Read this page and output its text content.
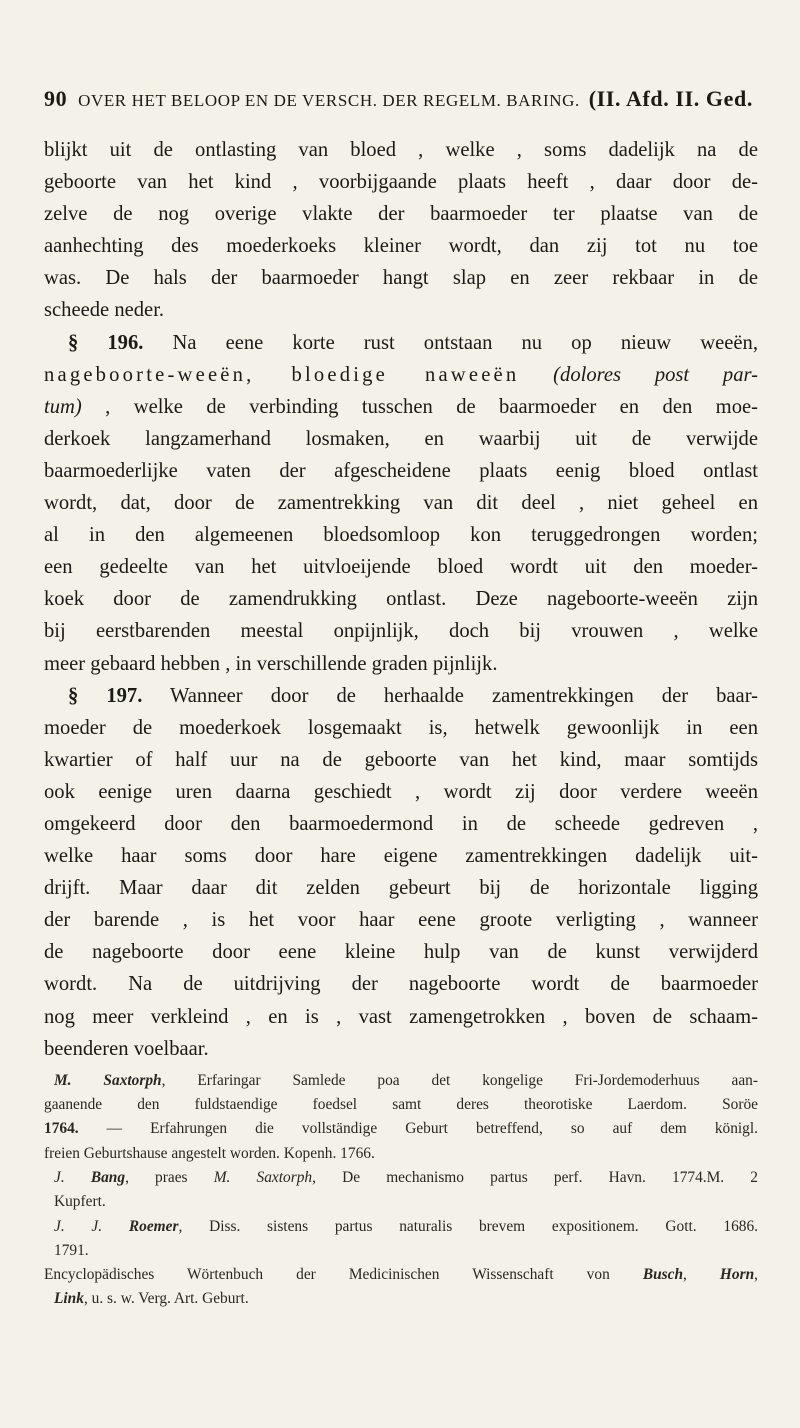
90 OVER HET BELOOP EN DE VERSCH. DER REGELM. BARING. (II. Afd. II. Ged.

blijkt uit de ontlasting van bloed , welke , soms dadelijk na de

geboorte van het kind , voorbijgaande plaats heeft , daar door de-

zelve de nog overige vlakte der baarmoeder ter plaatse van de

aanhechting des moederkoeks kleiner wordt, dan zij tot nu toe

was. De hals der baarmoeder hangt slap en zeer rekbaar in de

scheede neder.

§ 196. Na eene korte rust ontstaan nu op nieuw weeën,

nageboorte-weeën, bloedige naweeën (dolores post par-

tum) , welke de verbinding tusschen de baarmoeder en den moe-

derkoek langzamerhand losmaken, en waarbij uit de verwijde

baarmoederlijke vaten der afgescheidene plaats eenig bloed ontlast

wordt, dat, door de zamentrekking van dit deel , niet geheel en

al in den algemeenen bloedsomloop kon teruggedrongen worden;

een gedeelte van het uitvloeijende bloed wordt uit den moeder-

koek door de zamendrukking ontlast. Deze nageboorte-weeën zijn

bij eerstbarenden meestal onpijnlijk, doch bij vrouwen , welke

meer gebaard hebben , in verschillende graden pijnlijk.

§ 197. Wanneer door de herhaalde zamentrekkingen der baar-

moeder de moederkoek losgemaakt is, hetwelk gewoonlijk in een

kwartier of half uur na de geboorte van het kind, maar somtijds

ook eenige uren daarna geschiedt , wordt zij door verdere weeën

omgekeerd door den baarmoedermond in de scheede gedreven ,

welke haar soms door hare eigene zamentrekkingen dadelijk uit-

drijft. Maar daar dit zelden gebeurt bij de horizontale ligging

der barende , is het voor haar eene groote verligting , wanneer

de nageboorte door eene kleine hulp van de kunst verwijderd

wordt. Na de uitdrijving der nageboorte wordt de baarmoeder

nog meer verkleind , en is , vast zamengetrokken , boven de schaam-

beenderen voelbaar.

M. Saxtorph, Erfaringar Samlede poa det kongelige Fri-Jordemoderhuus aan-

gaanende den fuldstaendige foedsel samt deres theorotiske Laerdom. Soröe

1764. — Erfahrungen die vollständige Geburt betreffend, so auf dem königl.

freien Geburtshause angestelt worden. Kopenh. 1766.

J. Bang, praes M. Saxtorph, De mechanismo partus perf. Havn. 1774.M. 2

Kupfert.

J. J. Roemer, Diss. sistens partus naturalis brevem expositionem. Gott. 1686.

1791.

Encyclopädisches Wörtenbuch der Medicinischen Wissenschaft von Busch, Horn,

Link, u. s. w. Verg. Art. Geburt.
